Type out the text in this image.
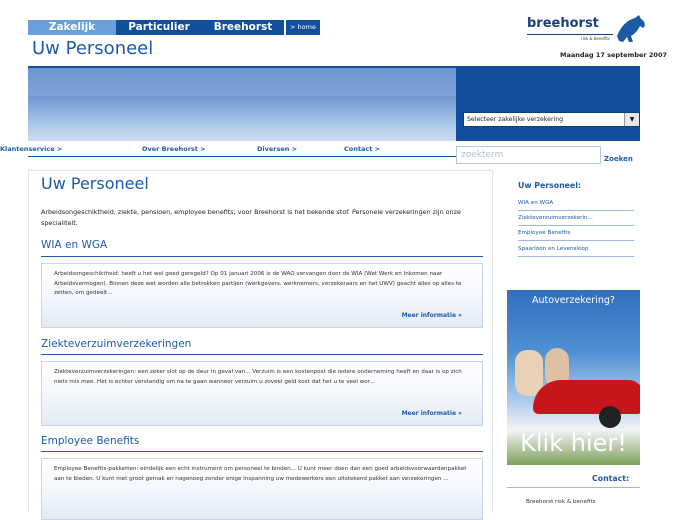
Zakelijk	Particulier	Breehorst	> home	breehorst
risk & benefits
Uw Personeel	Maandag 17 september 2007
Selecteer zakelijke verzekering	▼
Klantenservice >	Over Breehorst >	Diversen >	Contact >
zoekterm	Zoeken
Uw Personeel
Arbeidsongeschiktheid, ziekte, pensioen, employee benefits; voor Breehorst is het bekende stof. Personele verzekeringen zijn onze specialiteit.
WIA en WGA
Arbeidsongeschiktheid: heeft u het wel goed geregeld? Op 01 januari 2006 is de WAO vervangen door de WIA (Wet Werk en Inkomen naar Arbeidsvermogen). Binnen deze wet worden alle betrokken partijen (werkgevers, werknemers, verzekeraars en het UWV) geacht alles op alles te zetten, om gedeelt...
Meer informatie »
Ziekteverzuimverzekeringen
Ziekteverzuimverzekeringen: een zeker slot op de deur in geval van... Verzuim is een kostenpost die iedere onderneming heeft en daar is op zich niets mis mee. Het is echter verstandig om na te gaan wanneer verzuim u zoveel geld kost dat het u te veel wor...
Meer informatie »
Employee Benefits
Employee Benefits-pakketten: eindelijk een echt instrument om personeel te binden... U kunt meer doen dan een goed arbeidsvoorwaardenpakket aan te bieden. U kunt met groot gemak en nagenoeg zonder enige inspanning uw medewerkers een uitstekend pakket aan verzekeringen ...
Uw Personeel:
WIA en WGA
Ziekteverzuimverzekerin...
Employee Benefits
Spaarloon en Levensloop
Autoverzekering?
Klik hier!
Contact:
Breehorst risk & benefits
